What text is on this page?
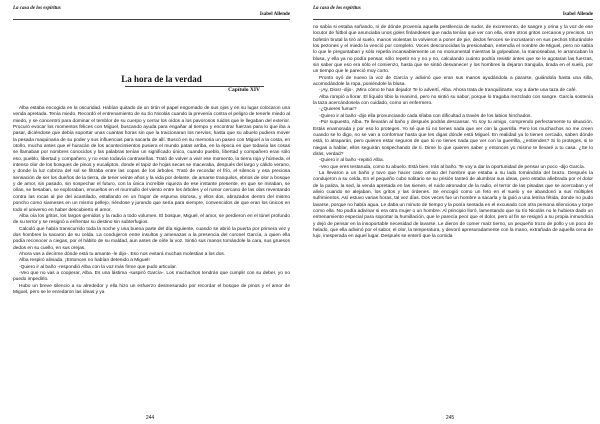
La casa de los espíritus
Isabel Allende
La hora de la verdad
Capítulo XIV

Alba estaba encogida en la oscuridad. Habían quitado de un tirón el papel engomado de sus ojos y en su lugar colocaron una venda apretada. Tenía miedo. Recordó el entrenamiento de su tío Nicolás cuando la prevenía contra el peligro de tenerle miedo al miedo, y se concentró para dominar el temblor de su cuerpo y cerrar los oídos a los pavorosos ruidos que le llegaban del exterior. Procuró evocar los momentos felices con Miguel, buscando ayuda para engañar al tiempo y encontrar fuerzas para lo que iba a pasar, diciéndose que debía soportar unas cuantas horas sin que la traicionaran los nervios, hasta que su abuelo pudiera mover la pesada maquinaria de su poder y sus influencias para sacarla de allí. Buscó en su memoria un paseo con Miguel a la costa, en otoño, mucho antes que el huracán de los acontecimientos pusiera el mundo patas arriba, en la época en que todavía las cosas se llamaban por nombres conocidos y las palabras tenían un significado único, cuando pueblo, libertad y compañero eran sólo eso, pueblo, libertad y compañero, y no eran todavía contraseñas. Trató de volver a vivir ese momento, la tierra roja y húmeda, el intenso olor de los bosques de pinos y eucaliptos, donde el tapiz de hojas secas se maceraba, después del largo y cálido verano, y donde la luz cobriza del sol se filtraba entre las copas de los árboles. Trató de recordar el frío, el silencio y esa preciosa sensación de ser los dueños de la tierra, de tener veinte años y la vida por delante, de amarse tranquilos, ebrios de olor a bosque y de amor, sin pasado, sin sospechar el futuro, con la única increíble riqueza de ese instante presente, en que se miraban, se olían, se besaban, se exploraban, envueltos en el murmullo del viento entre los árboles y el rumor cercano de las olas reventando contra las rocas al pie del acantilado, estallando en un fragor de espuma olorosa, y ellos dos, abrazados dentro del mismo poncho como siameses en un mismo pellejo, riéndose y jurando que sería para siempre, convencidos de que eran los únicos en todo el universo en haber descubierto el amor.

Alba oía los gritos, los largos gemidos y la radio a todo volumen. El bosque, Miguel, el amor, se perdieron en el túnel profundo de su terror y se resignó a enfrentar su destino sin subterfugios.

Calculó que había transcurrido toda la noche y una buena parte del día siguiente, cuando se abrió la puerta por primera vez y dos hombres la sacaron de su celda. La condujeron entre insultos y amenazas a la presencia del coronel García, a quien ella podía reconocer a ciegas, por el hábito de su maldad, aun antes de oírle la voz. Sintió sus manos tomándole la cara, sus gruesos dedos en su cuello, en sus orejas.

Ahora vas a decirme dónde está tu amante -le dijo-. Eso nos evitará muchas molestias a los dos.

Alba respiró aliviada. ¡Entonces no habían detenido a Miguel!

-Quiero ir al baño -respondió Alba con la voz más firme que pudo articular.

-Veo que no vas a cooperar, Alba. Es una lástima -suspiró García-. Los muchachos tendrán que cumplir con su deber, yo no puedo impedirlo.

Hubo un breve silencio a su alrededor y ella hizo un esfuerzo desmesurado por recordar el bosque de pinos y el amor de Miguel, pero se le enredaron las ideas y ya

244
La casa de los espíritus
Isabel Allende

no sabía si estaba soñando, ni de dónde provenía aquella pestilencia de sudor, de excremento, de sangre y orina y la voz de ese locutor de fútbol que anunciaba unos goles finlandeses que nada tenían que ver con ella, entre otros gritos cercanos y precisos. Un bofetón brutal la tiró al suelo, manos violentas la volvieron a poner de pie, dedos feroces se incrustaron en sus pechos triturándole los pezones y el miedo la venció por completo. Voces desconocidas la presionaban, entendía el nombre de Miguel, pero no sabía lo que le preguntaban y sólo repetía incansablemente un no monumental mientras la golpeaban, la manoseaban, le arrancaban la blusa, y ella ya no podía pensar, sólo repetir no y no y no, calculando cuánto podría resistir antes que se le agotaran las fuerzas, sin saber que eso era sólo el comienzo, hasta que se sintió desvanecer y los hombres la dejaron tranquila, tirada en el suelo, por un tiempo que le pareció muy corto.

Pronto oyó de nuevo la voz de García y adivinó que eran sus manos ayudándola a pararse, guiándola hasta una silla, acomodándole la ropa, poniéndole la blusa.

-¡Ay, Dios! -dijo-. ¡Mira cómo te han dejado! Te lo advertí, Alba. Ahora trata de tranquilizarte, voy a darte una taza de café.

Alba rompió a llorar. El líquido tibio la reanimó, pero no sintió su sabor, porque lo tragaba mezclado con sangre. García sostenía la taza acercándosela con cuidado, como un enfermero.

-¿Quieres fumar?

-Quiero ir al baño -dijo ella pronunciando cada sílaba con dificultad a través de los labios hinchados.

-Por supuesto, Alba. Te llevarán al baño y después podrás descansar. Yo soy tu amigo, comprendo perfectamente tu situación. Estás enamorada y por eso lo proteges. Yo sé que tú no tienes nada que ver con la guerrilla. Pero los muchachos no me creen cuando se lo digo, no se van a conformar hasta que les digas dónde está Miguel. En realidad ya lo tienen cercado, saben dónde está, lo atraparán, pero quieren estar seguros de que tú no tienes nada que ver con la guerrilla, ¿entiendes? Si lo proteges, si te niegas a hablar, ellos seguirán sospechando de ti. Dime lo que quieren saber y entonces yo mismo te llevaré a tu casa. ¿Se lo dirás, verdad?

-Quiero ir al baño -repitió Alba.

-Veo que eres testaruda, como tu abuelo. Está bien. Irás al baño. Te voy a dar la oportunidad de pensar un poco -dijo García.

La llevaron a un baño y tuvo que hacer caso omiso del hombre que estaba a su lado tomándola del brazo. Después la condujeron a su celda. En el pequeño cubo solitario se su prisión tanteó de alumbrar sus ideas, pero estaba afiebrada por el dolor de la paliza, la sed, la venda apretada en las sienes, el ruido atronador de la radio, el terror de las pisadas que se acercaban y el alivio cuando se alejaban, los gritos y las órdenes. Se encogió como un feto en el suelo y se abandonó a sus múltiples sufrimientos. Así estuvo varias horas, tal vez días. Dos veces fue un hombre a sacarla y la guió a una letrina fétida, donde no pudo lavarse, porque no había agua. Le daba un minuto de tiempo y la ponía sentada en el excusado con otra persona silenciosa y torpe como ella. No podía adivinar si era otra mujer o un hombre. Al principio lloró, lamentando que su tío Nicolás no le hubiera dado un entrenamiento especial para soportar la humillación, que le parecía peor que el dolor, pero al fin se resignó a su propia inmundicia y dejó de pensar en la insoportable necesidad de lavarse. Le dieron de comer maíz tierno, un pequeño trozo de pollo y un poco de helado, que ella adivinó por el sabor, el olor, la temperatura, y devoró apresuradamente con la mano, extrañada de aquella cena de lujo, inesperada en aquel lugar. Después se enteró que la comida

245
